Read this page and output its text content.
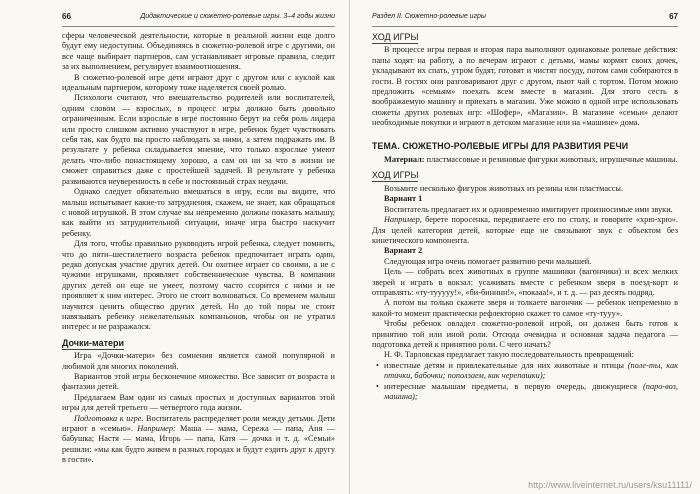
66	Дидактические и сюжетно-ролевые игры. 3–4 годы жизни

сферы человеческой деятельности, которые в реальной жизни еще долго будут ему недоступны. Объединяясь в сюжетно-ролевой игре с другими, он все чаще выбирает партнеров, сам устанавливает игровые правила, следит за их выполнением, регулирует взаимоотношения.

В сюжетно-ролевой игре дети играют друг с другом или с куклой как идеальным партнером, которому тоже наделяется своей ролью.

Психологи считают, что вмешательство родителей или воспитателей, одним словом — взрослых, в процесс игры должно быть довольно ограниченным. Если взрослые в игре постоянно берут на себя роль лидера или просто слишком активно участвуют в игре, ребенок будет чувствовать себя так, как будто вы просто наблюдать за ними, а затем подражать им. В результате у ребенка складывается мнение, что только взрослые умеют делать что-либо понастоящему хорошо, а сам он ни за что в жизни не сможет справиться даже с простейшей задачей. В результате у ребенка развиваются неуверенность в себе и постоянный страх неудачи.

Однако следует обязательно вмешаться в игру, если вы видите, что малыш испытывает какие-то затруднения, скажем, не знает, как обращаться с новой игрушкой. В этом случае вы непременно должны показать малышу, как выйти из затруднительной ситуации, иначе игра быстро наскучит ребенку.

Для того, чтобы правильно руководить игрой ребенка, следует помнить, что до пяти–шестилетнего возраста ребенок предпочитает играть один, редко допуская участие других детей. Он охотнее играет со своими, а не с чужими игрушками, проявляет собственнические чувства. В компании других детей он еще не умеет, поэтому часто ссорится с ними и не проявляет к ним интерес. Этого не стоит волноваться. Со временем малыш научится ценить общество других детей. Но до той поры не стоит навязывать ребенку нежелательных компаньонов, чтобы он не утратил интерес и не разражался.

Дочки-матери

Игра «Дочки-матери» без сомнения является самой популярной и любимой для многих поколений.

Вариантов этой игры бесконечное множество. Все зависит от возраста и фантазии детей.

Предлагаем Вам один из самых простых и доступных вариантов этой игры для детей третьего — четвертого года жизни.

Подготовка к игре. Воспитатель распределяет роли между детьми. Дети играют в «семью». Например: Маша — мама, Сережа — папа, Аня — бабушка; Настя — мама, Игорь — папа, Катя — дочка и т. д. «Семьи» решили: «мы как будто живем в разных городах и будут ездить друг к другу в гости».

Раздел II. Сюжетно-ролевые игры	67
ХОД ИГРЫ

В процессе игры первая и вторая пара выполняют одинаковые ролевые действия: папы ходят на работу, а по вечерам играют с детьми, мамы кормят своих дочек, укладывают их спать, утром будят, готовят и чистят посуду, потом сами собираются в гости. В гостях они разговаривают друг с другом, пьют чай с тортом. Потом можно предложить «семьям» поехать всем вместе в магазин. Для этого сесть в воображаемую машину и приехать в магазин. Уже можно в одной игре использовать сюжеты других ролевых игр: «Шофер», «Магазин». В магазине «семьи» делают необходимые покупки и играют в детском магазине или на «машине» дома.

ТЕМА. СЮЖЕТНО-РОЛЕВЫЕ ИГРЫ ДЛЯ РАЗВИТИЯ РЕЧИ

Материал: пластмассовые и резиновые фигурки животных, игрушечные машины.

ХОД ИГРЫ

Возьмите несколько фигурок животных из резины или пластмассы.

Вариант 1

Воспитатель предлагает их и одновременно имитирует произносимые ими звуки.

Например, берете поросенка, передвигаете его по столу, и говорите «хрю-хрю». Для целей категория детей, которые еще не связывают звук с объектом без кинетического компонента.

Вариант 2

Следующая игра очень помогает развитию речи малышей.

Цель — собрать всех животных в группе машинки (вагончики) и всех мелких зверей и играть в вокзал: усаживать вместе с ребенком зверя в поезд-корт и отправлять: «ту-тууууу!», «би-бинннн!», «покааа!», и т. д. — раз десять подряд.

А потом вы только скажете зверя и толкаете вагончик — ребенок непременно в какой-то момент практически рефлекторно скажет то самое «ту-тууу».

Чтобы ребенок овладел сюжетно-ролевой игрой, он должен быть готов к принятию той или иной роли. Отсюда очевидна и основная задача педагога — подготовка детей к принятию роли. С чего начать?

Н. Ф. Тарловская предлагает такую последовательность превращений:

• известные детям и привлекательные для них животные и птицы (поле-ты, как птички, бабочки; поползаем, как черепашки);
• интересные малышам предметы, в первую очередь, движущиеся (паро-воз, машина);
http://www.liveinternet.ru/users/ksu11111/
